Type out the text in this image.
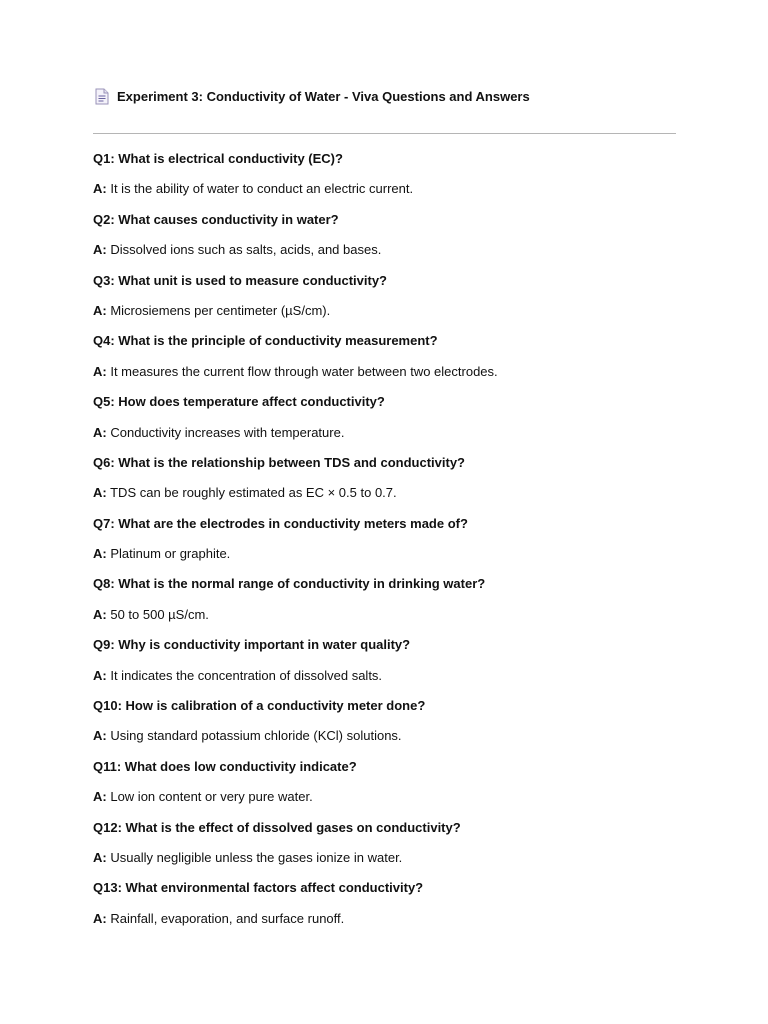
Experiment 3: Conductivity of Water - Viva Questions and Answers
Q1: What is electrical conductivity (EC)?
A: It is the ability of water to conduct an electric current.
Q2: What causes conductivity in water?
A: Dissolved ions such as salts, acids, and bases.
Q3: What unit is used to measure conductivity?
A: Microsiemens per centimeter (µS/cm).
Q4: What is the principle of conductivity measurement?
A: It measures the current flow through water between two electrodes.
Q5: How does temperature affect conductivity?
A: Conductivity increases with temperature.
Q6: What is the relationship between TDS and conductivity?
A: TDS can be roughly estimated as EC × 0.5 to 0.7.
Q7: What are the electrodes in conductivity meters made of?
A: Platinum or graphite.
Q8: What is the normal range of conductivity in drinking water?
A: 50 to 500 µS/cm.
Q9: Why is conductivity important in water quality?
A: It indicates the concentration of dissolved salts.
Q10: How is calibration of a conductivity meter done?
A: Using standard potassium chloride (KCl) solutions.
Q11: What does low conductivity indicate?
A: Low ion content or very pure water.
Q12: What is the effect of dissolved gases on conductivity?
A: Usually negligible unless the gases ionize in water.
Q13: What environmental factors affect conductivity?
A: Rainfall, evaporation, and surface runoff.
